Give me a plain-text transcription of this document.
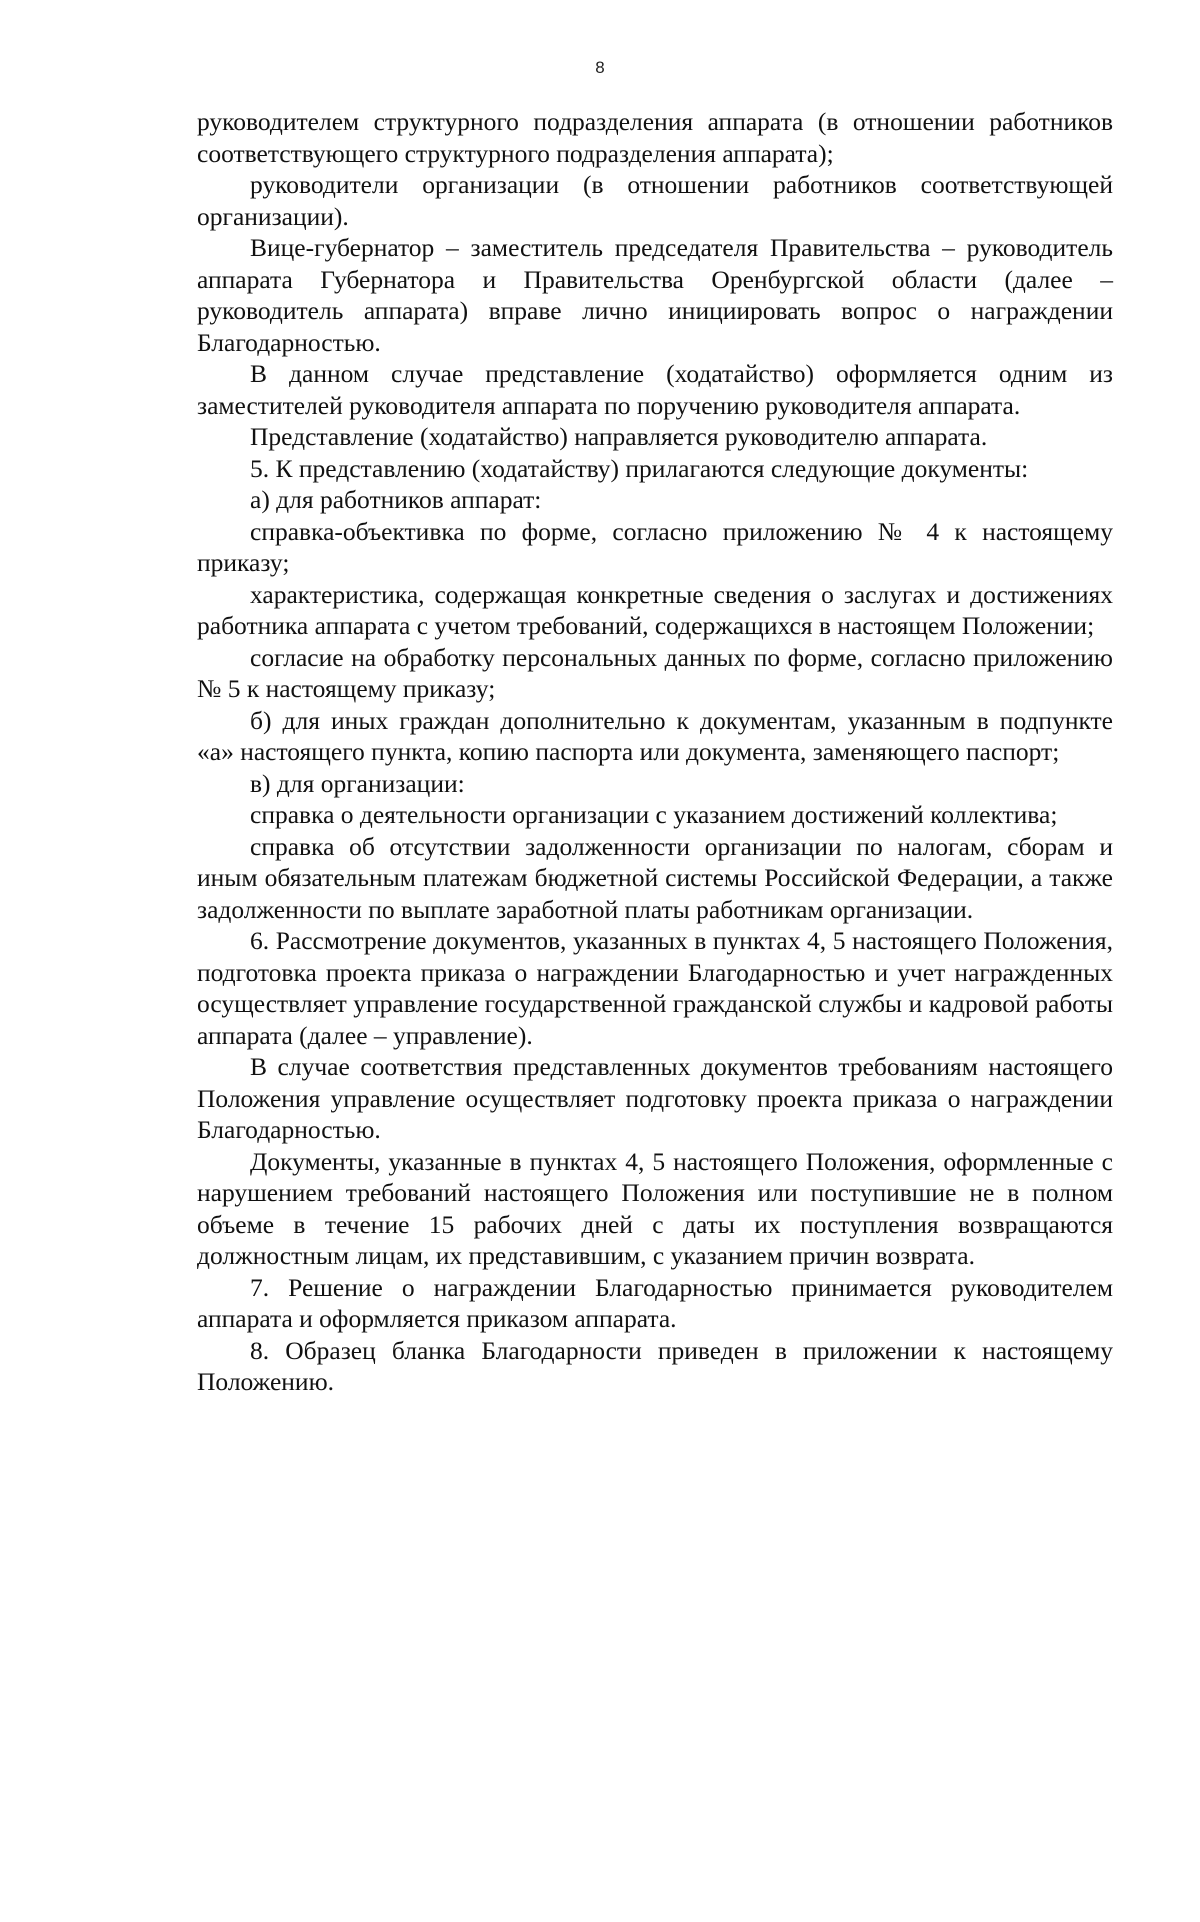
8

руководителем структурного подразделения аппарата (в отношении работников соответствующего структурного подразделения аппарата);

руководители организации (в отношении работников соответствующей организации).

Вице-губернатор – заместитель председателя Правительства – руководитель аппарата Губернатора и Правительства Оренбургской области (далее – руководитель аппарата) вправе лично инициировать вопрос о награждении Благодарностью.

В данном случае представление (ходатайство) оформляется одним из заместителей руководителя аппарата по поручению руководителя аппарата.

Представление (ходатайство) направляется руководителю аппарата.

5. К представлению (ходатайству) прилагаются следующие документы:

а) для работников аппарат:

справка-объективка по форме, согласно приложению № 4 к настоящему приказу;

характеристика, содержащая конкретные сведения о заслугах и достижениях работника аппарата с учетом требований, содержащихся в настоящем Положении;

согласие на обработку персональных данных по форме, согласно приложению № 5 к настоящему приказу;

б) для иных граждан дополнительно к документам, указанным в подпункте «а» настоящего пункта, копию паспорта или документа, заменяющего паспорт;

в) для организации:

справка о деятельности организации с указанием достижений коллектива;

справка об отсутствии задолженности организации по налогам, сборам и иным обязательным платежам бюджетной системы Российской Федерации, а также задолженности по выплате заработной платы работникам организации.

6. Рассмотрение документов, указанных в пунктах 4, 5 настоящего Положения, подготовка проекта приказа о награждении Благодарностью и учет награжденных осуществляет управление государственной гражданской службы и кадровой работы аппарата (далее – управление).

В случае соответствия представленных документов требованиям настоящего Положения управление осуществляет подготовку проекта приказа о награждении Благодарностью.

Документы, указанные в пунктах 4, 5 настоящего Положения, оформленные с нарушением требований настоящего Положения или поступившие не в полном объеме в течение 15 рабочих дней с даты их поступления возвращаются должностным лицам, их представившим, с указанием причин возврата.

7. Решение о награждении Благодарностью принимается руководителем аппарата и оформляется приказом аппарата.

8. Образец бланка Благодарности приведен в приложении к настоящему Положению.
